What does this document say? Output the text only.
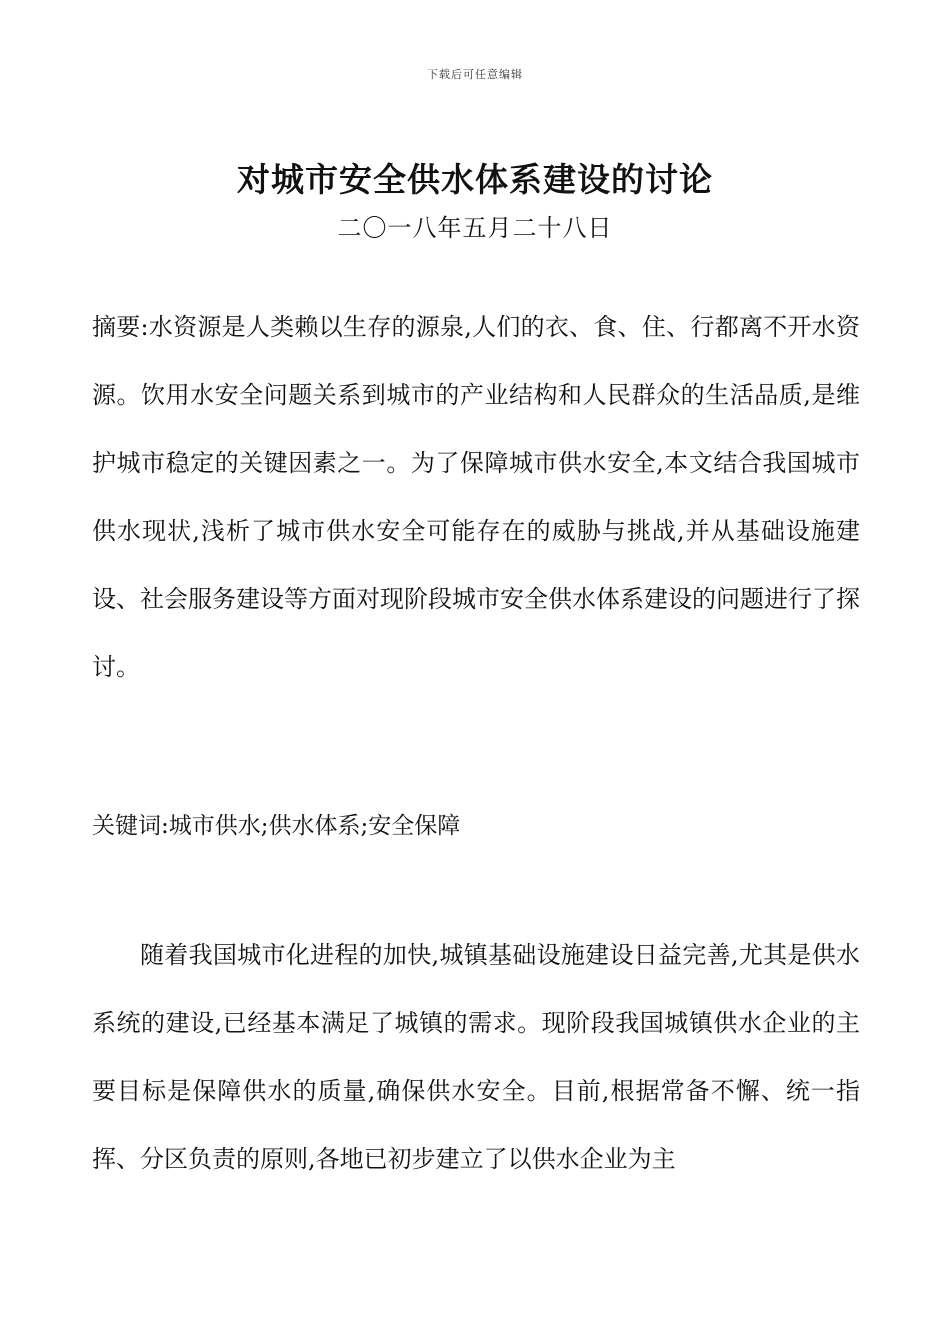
下载后可任意编辑
对城市安全供水体系建设的讨论
二〇一八年五月二十八日

摘要:水资源是人类赖以生存的源泉,人们的衣、食、住、行都离不开水资源。饮用水安全问题关系到城市的产业结构和人民群众的生活品质,是维护城市稳定的关键因素之一。为了保障城市供水安全,本文结合我国城市供水现状,浅析了城市供水安全可能存在的威胁与挑战,并从基础设施建设、社会服务建设等方面对现阶段城市安全供水体系建设的问题进行了探讨。

关键词:城市供水;供水体系;安全保障

随着我国城市化进程的加快,城镇基础设施建设日益完善,尤其是供水系统的建设,已经基本满足了城镇的需求。现阶段我国城镇供水企业的主要目标是保障供水的质量,确保供水安全。目前,根据常备不懈、统一指挥、分区负责的原则,各地已初步建立了以供水企业为主
